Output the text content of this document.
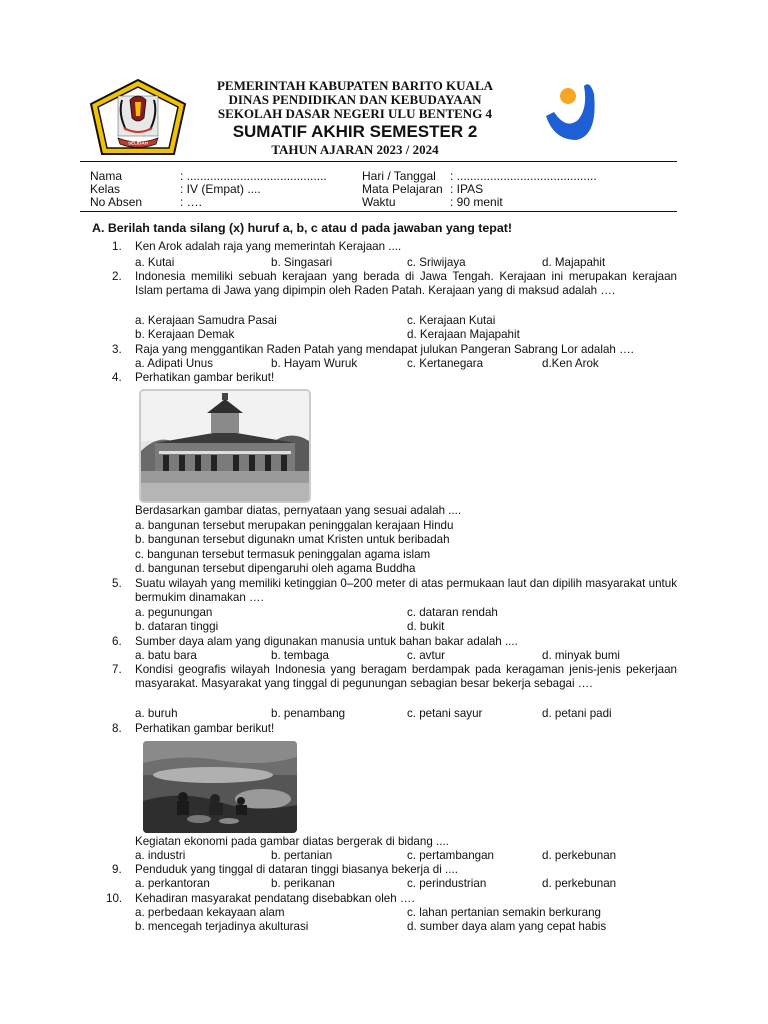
SELIDAH
PEMERINTAH KABUPATEN BARITO KUALA
DINAS PENDIDIKAN DAN KEBUDAYAAN
SEKOLAH DASAR NEGERI ULU BENTENG 4
SUMATIF AKHIR SEMESTER 2
TAHUN AJARAN 2023 / 2024
Nama	: ..........................................
Kelas	: IV (Empat) ....
No Absen	: ….
Hari / Tanggal : ..........................................
Mata Pelajaran : IPAS
Waktu	: 90 menit
A. Berilah tanda silang (x) huruf a, b, c atau d pada jawaban yang tepat!
1. Ken Arok adalah raja yang memerintah Kerajaan ....
a. Kutai	b. Singasari	c. Sriwijaya	d. Majapahit
2. Indonesia memiliki sebuah kerajaan yang berada di Jawa Tengah. Kerajaan ini merupakan kerajaan Islam pertama di Jawa yang dipimpin oleh Raden Patah. Kerajaan yang di maksud adalah ….
a. Kerajaan Samudra Pasai	c. Kerajaan Kutai
b. Kerajaan Demak	d. Kerajaan Majapahit
3. Raja yang menggantikan Raden Patah yang mendapat julukan Pangeran Sabrang Lor adalah ….
a. Adipati Unus	b. Hayam Wuruk	c. Kertanegara	d.Ken Arok
4. Perhatikan gambar berikut!
Berdasarkan gambar diatas, pernyataan yang sesuai adalah ....
a. bangunan tersebut merupakan peninggalan kerajaan Hindu
b. bangunan tersebut digunakn umat Kristen untuk beribadah
c. bangunan tersebut termasuk peninggalan agama islam
d. bangunan tersebut dipengaruhi oleh agama Buddha
5. Suatu wilayah yang memiliki ketinggian 0–200 meter di atas permukaan laut dan dipilih masyarakat untuk bermukim dinamakan ….
a. pegunungan	c. dataran rendah
b. dataran tinggi	d. bukit
6. Sumber daya alam yang digunakan manusia untuk bahan bakar adalah ....
a. batu bara	b. tembaga	c. avtur	d. minyak bumi
7. Kondisi geografis wilayah Indonesia yang beragam berdampak pada keragaman jenis-jenis pekerjaan masyarakat. Masyarakat yang tinggal di pegunungan sebagian besar bekerja sebagai ….
a. buruh	b. penambang	c. petani sayur	d. petani padi
8. Perhatikan gambar berikut!
Kegiatan ekonomi pada gambar diatas bergerak di bidang ....
a. industri	b. pertanian	c. pertambangan	d. perkebunan
9. Penduduk yang tinggal di dataran tinggi biasanya bekerja di ....
a. perkantoran	b. perikanan	c. perindustrian	d. perkebunan
10. Kehadiran masyarakat pendatang disebabkan oleh ….
a. perbedaan kekayaan alam	c. lahan pertanian semakin berkurang
b. mencegah terjadinya akulturasi	d. sumber daya alam yang cepat habis
